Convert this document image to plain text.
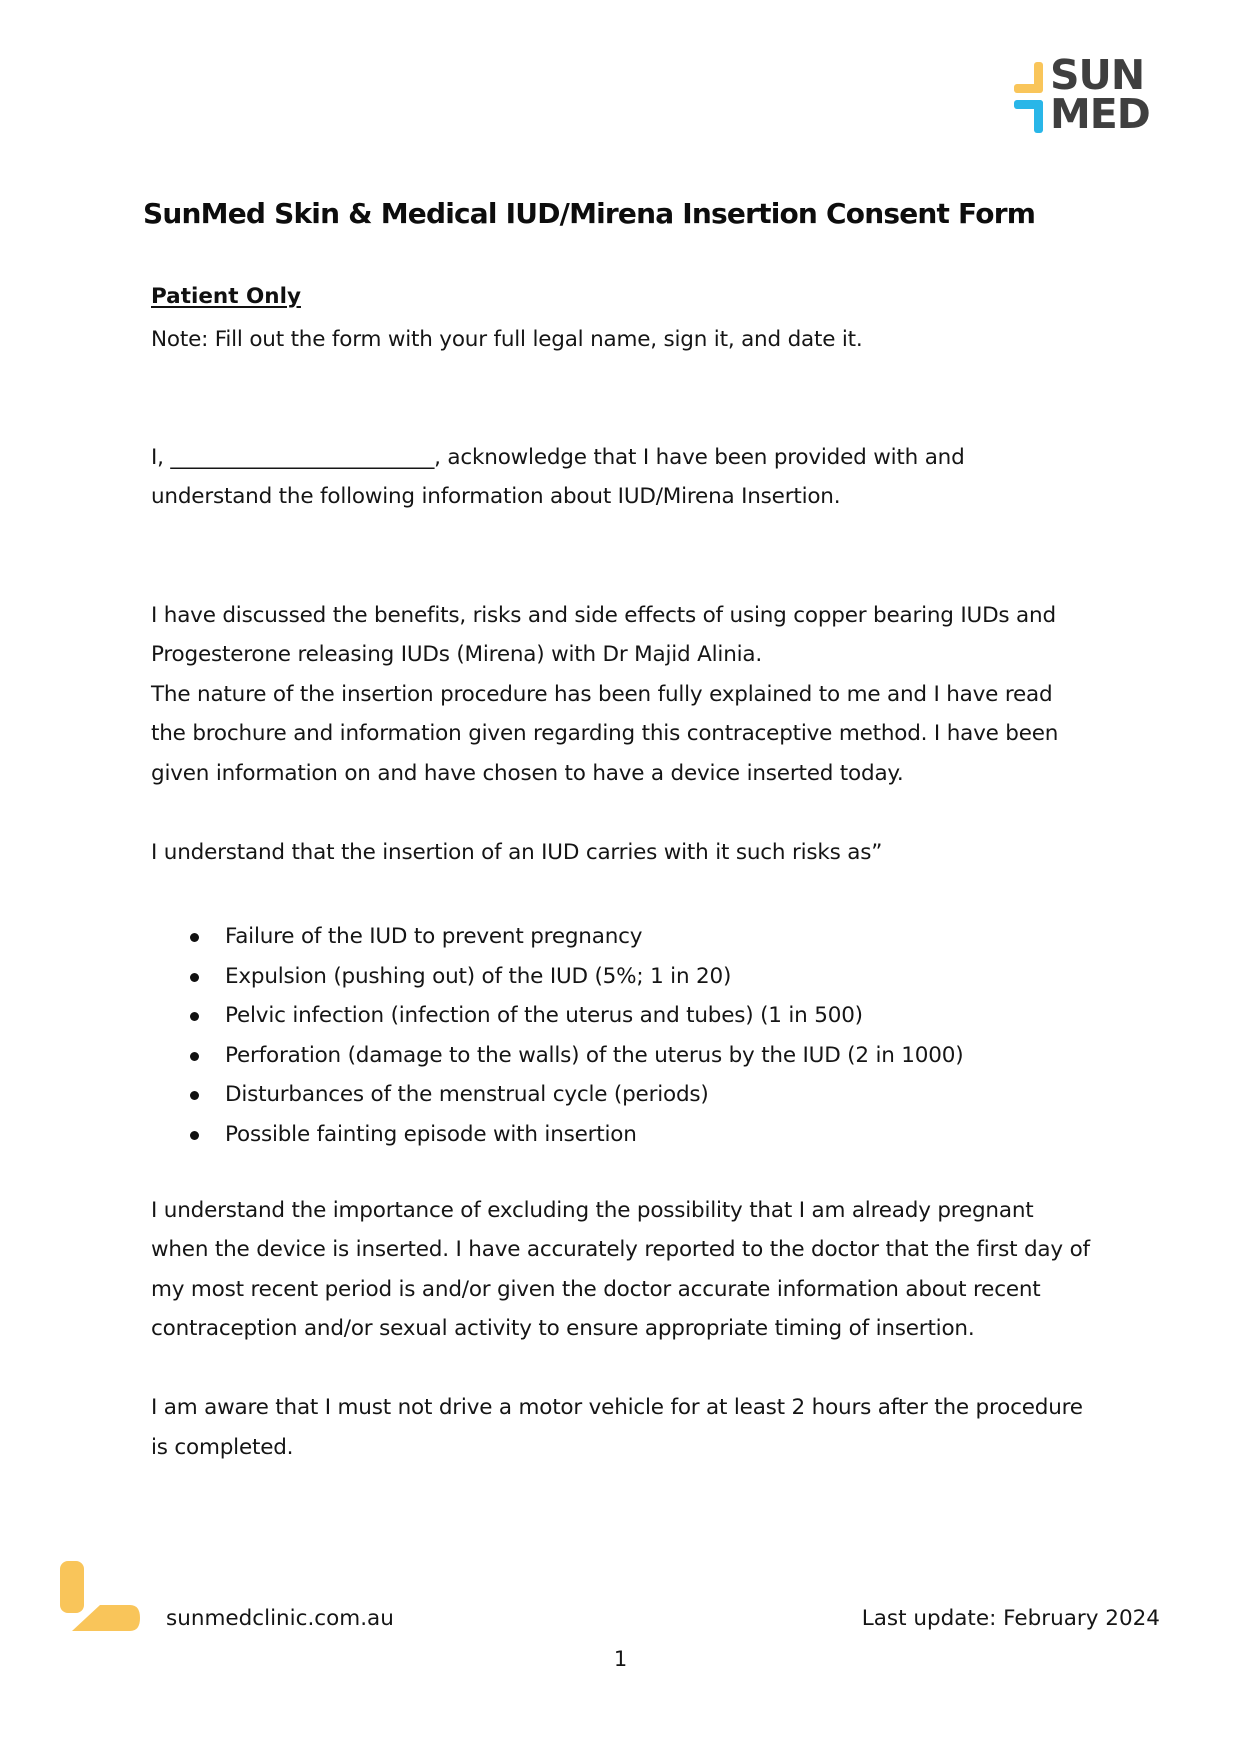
SUN
MED
SunMed Skin & Medical IUD/Mirena Insertion Consent Form
Patient Only
Note: Fill out the form with your full legal name, sign it, and date it.
I, _________________________, acknowledge that I have been provided with and
understand the following information about IUD/Mirena Insertion.
I have discussed the benefits, risks and side effects of using copper bearing IUDs and
Progesterone releasing IUDs (Mirena) with Dr Majid Alinia.
The nature of the insertion procedure has been fully explained to me and I have read
the brochure and information given regarding this contraceptive method. I have been
given information on and have chosen to have a device inserted today.
I understand that the insertion of an IUD carries with it such risks as”
Failure of the IUD to prevent pregnancy
Expulsion (pushing out) of the IUD (5%; 1 in 20)
Pelvic infection (infection of the uterus and tubes) (1 in 500)
Perforation (damage to the walls) of the uterus by the IUD (2 in 1000)
Disturbances of the menstrual cycle (periods)
Possible fainting episode with insertion
I understand the importance of excluding the possibility that I am already pregnant
when the device is inserted. I have accurately reported to the doctor that the first day of
my most recent period is and/or given the doctor accurate information about recent
contraception and/or sexual activity to ensure appropriate timing of insertion.
I am aware that I must not drive a motor vehicle for at least 2 hours after the procedure
is completed.
sunmedclinic.com.au	Last update: February 2024
1
